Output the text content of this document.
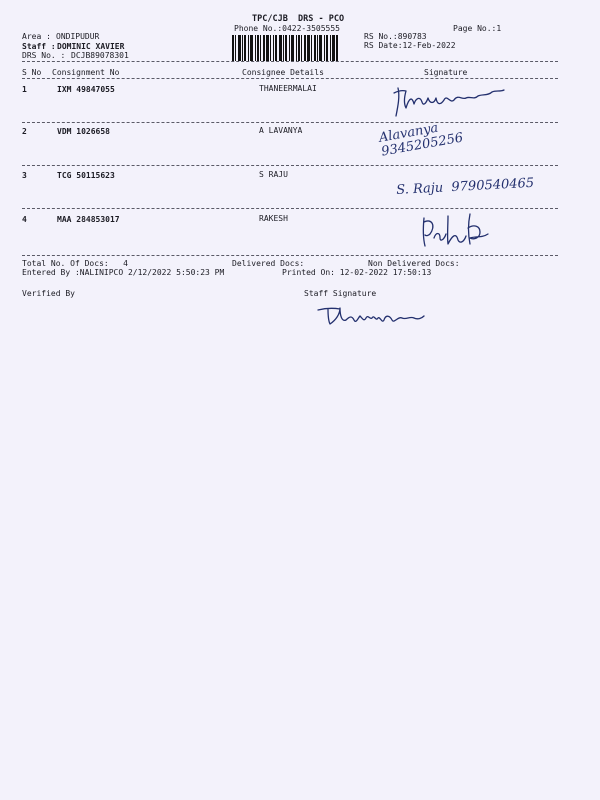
TPC/CJB  DRS - PCO
Phone No.:0422-3505555
Area : ONDIPUDUR
Staff : DOMINIC XAVIER
DRS No. : DCJB89078301
RS No.:890783
RS Date:12-Feb-2022
Page No.:1
S No Consignment No	Consignee Details	Signature
1	IXM 49847055	THANEERMALAI
2	VDM 1026658	A LAVANYA	Alavanya
9345205256
3	TCG 50115623	S RAJU
S. Raju  9790540465
4	MAA 284853017	RAKESH
Total No. Of Docs:   4	Delivered Docs:	Non Delivered Docs:
Entered By :NALINIPCO 2/12/2022 5:50:23 PM	Printed On: 12-02-2022 17:50:13
Verified By	Staff Signature
